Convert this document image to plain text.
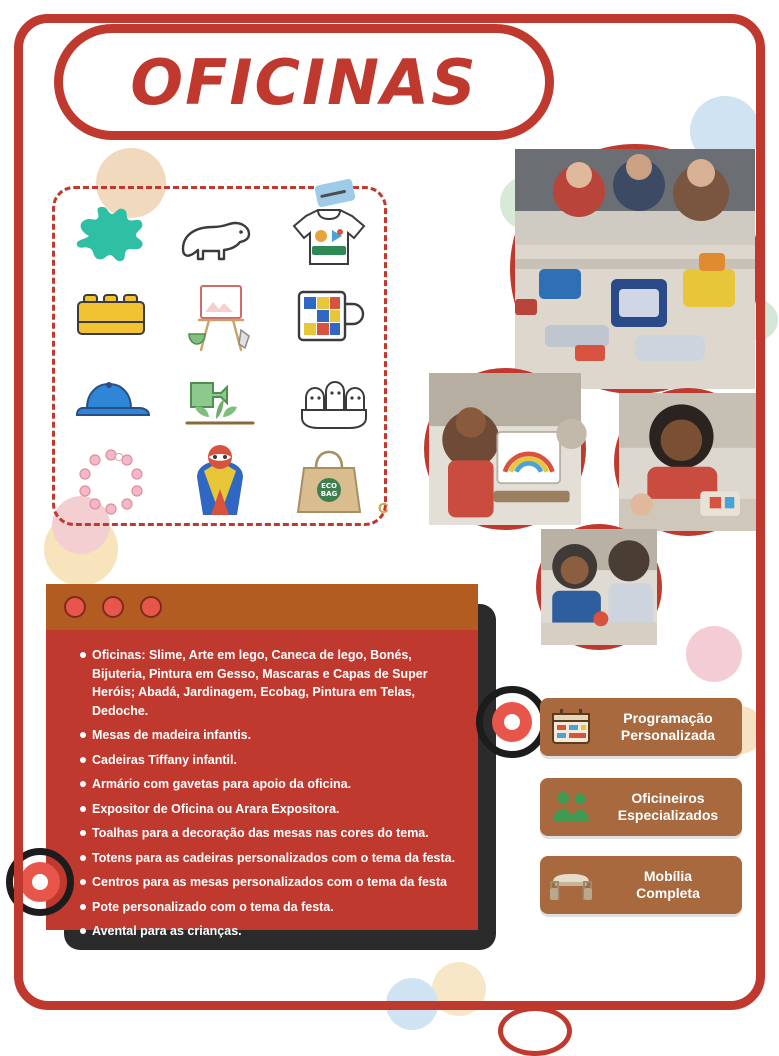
OFICINAS
C
ECO
BAG
Oficinas: Slime, Arte em lego, Caneca de lego, Bonés, Bijuteria, Pintura em Gesso, Mascaras e Capas de Super Heróis; Abadá, Jardinagem, Ecobag, Pintura em Telas, Dedoche.
Mesas de madeira infantis.
Cadeiras Tiffany infantil.
Armário com gavetas para apoio da oficina.
Expositor de Oficina ou Arara Expositora.
Toalhas para a decoração das mesas nas cores do tema.
Totens para as cadeiras personalizados com o tema da festa.
Centros para as mesas personalizados com o tema da festa
Pote personalizado com o tema da festa.
Avental para as crianças.
Sacola Exclusiva da Recreio Festas.
Programação
Personalizada
Oficineiros
Especializados
Mobília
Completa
